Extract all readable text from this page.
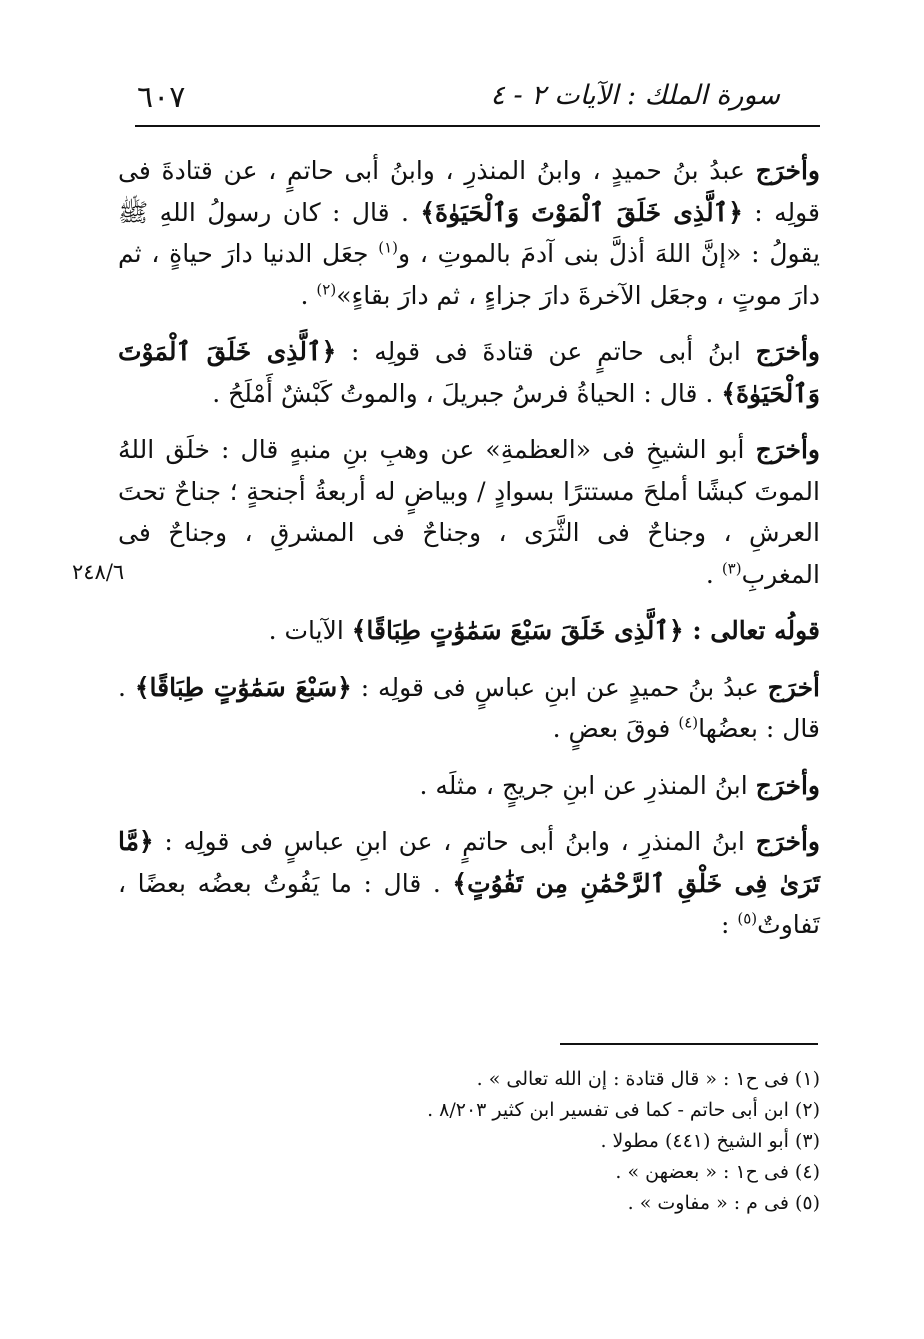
٦٠٧	سورة الملك : الآيات ٢ - ٤
٢٤٨/٦

وأخرَج عبدُ بنُ حميدٍ ، وابنُ المنذرِ ، وابنُ أبى حاتمٍ ، عن قتادةَ فى قولِه : ﴿ٱلَّذِى خَلَقَ ٱلْمَوْتَ وَٱلْحَيَوٰةَ﴾ . قال : كان رسولُ اللهِ ﷺ يقولُ : «إنَّ اللهَ أذلَّ بنى آدمَ بالموتِ ، و$^{(١)}$ جعَل الدنيا دارَ حياةٍ ، ثم دارَ موتٍ ، وجعَل الآخرةَ دارَ جزاءٍ ، ثم دارَ بقاءٍ»$^{(٢)}$ .

وأخرَج ابنُ أبى حاتمٍ عن قتادةَ فى قولِه : ﴿ٱلَّذِى خَلَقَ ٱلْمَوْتَ وَٱلْحَيَوٰةَ﴾ . قال : الحياةُ فرسُ جبريلَ ، والموتُ كَبْشٌ أَمْلَحُ .

وأخرَج أبو الشيخِ فى «العظمةِ» عن وهبِ بنِ منبهٍ قال : خلَق اللهُ الموتَ كبشًا أملحَ مستترًا بسوادٍ / وبياضٍ له أربعةُ أجنحةٍ ؛ جناحٌ تحتَ العرشِ ، وجناحٌ فى الثَّرَى ، وجناحٌ فى المشرقِ ، وجناحٌ فى المغربِ$^{(٣)}$ .

قولُه تعالى : ﴿ٱلَّذِى خَلَقَ سَبْعَ سَمَٰوَٰتٍ طِبَاقًا﴾ الآيات .

أخرَج عبدُ بنُ حميدٍ عن ابنِ عباسٍ فى قولِه : ﴿سَبْعَ سَمَٰوَٰتٍ طِبَاقًا﴾ . قال : بعضُها$^{(٤)}$ فوقَ بعضٍ .

وأخرَج ابنُ المنذرِ عن ابنِ جريجٍ ، مثلَه .

وأخرَج ابنُ المنذرِ ، وابنُ أبى حاتمٍ ، عن ابنِ عباسٍ فى قولِه : ﴿مَّا تَرَىٰ فِى خَلْقِ ٱلرَّحْمَٰنِ مِن تَفَٰوُتٍ﴾ . قال : ما يَفُوتُ بعضُه بعضًا ، تَفاوتٌ$^{(٥)}$ :

(١) فى ح١ : « قال قتادة : إن الله تعالى » .
(٢) ابن أبى حاتم - كما فى تفسير ابن كثير ٨/٢٠٣ .
(٣) أبو الشيخ (٤٤١) مطولا .
(٤) فى ح١ : « بعضهن » .
(٥) فى م : « مفاوت » .
